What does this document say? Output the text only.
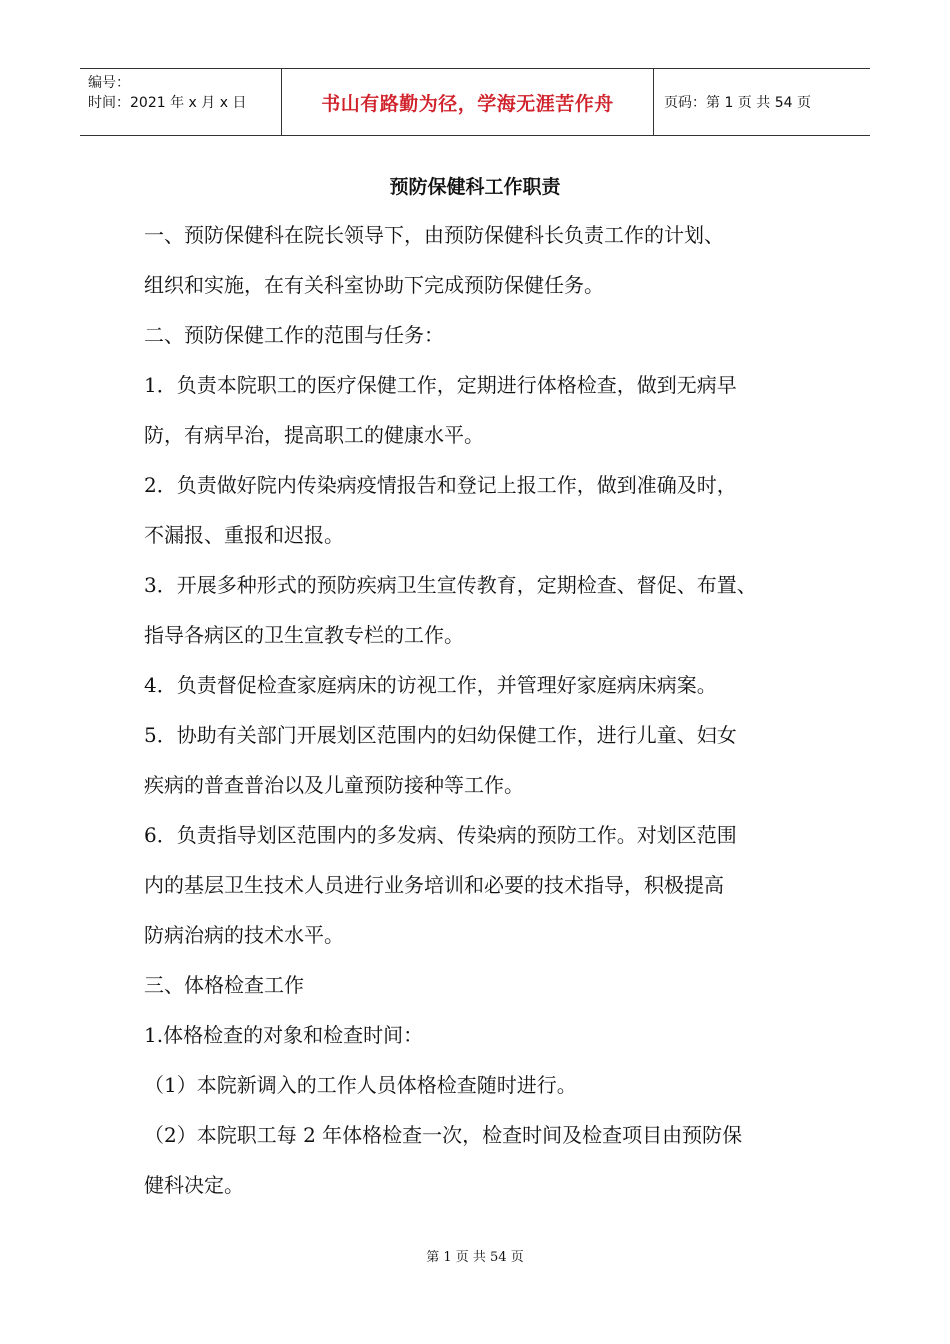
编号：
时间：2021 年 x 月 x 日	书山有路勤为径，学海无涯苦作舟	页码：第 1 页 共 54 页
预防保健科工作职责

一、预防保健科在院长领导下，由预防保健科长负责工作的计划、

组织和实施，在有关科室协助下完成预防保健任务。

二、预防保健工作的范围与任务：

1．负责本院职工的医疗保健工作，定期进行体格检查，做到无病早

防，有病早治，提高职工的健康水平。

2．负责做好院内传染病疫情报告和登记上报工作，做到准确及时，

不漏报、重报和迟报。

3．开展多种形式的预防疾病卫生宣传教育，定期检查、督促、布置、

指导各病区的卫生宣教专栏的工作。

4．负责督促检查家庭病床的访视工作，并管理好家庭病床病案。

5．协助有关部门开展划区范围内的妇幼保健工作，进行儿童、妇女

疾病的普查普治以及儿童预防接种等工作。

6．负责指导划区范围内的多发病、传染病的预防工作。对划区范围

内的基层卫生技术人员进行业务培训和必要的技术指导，积极提高

防病治病的技术水平。

三、体格检查工作

1.体格检查的对象和检查时间：

（1）本院新调入的工作人员体格检查随时进行。

（2）本院职工每 2 年体格检查一次，检查时间及检查项目由预防保

健科决定。

第 1 页 共 54 页
